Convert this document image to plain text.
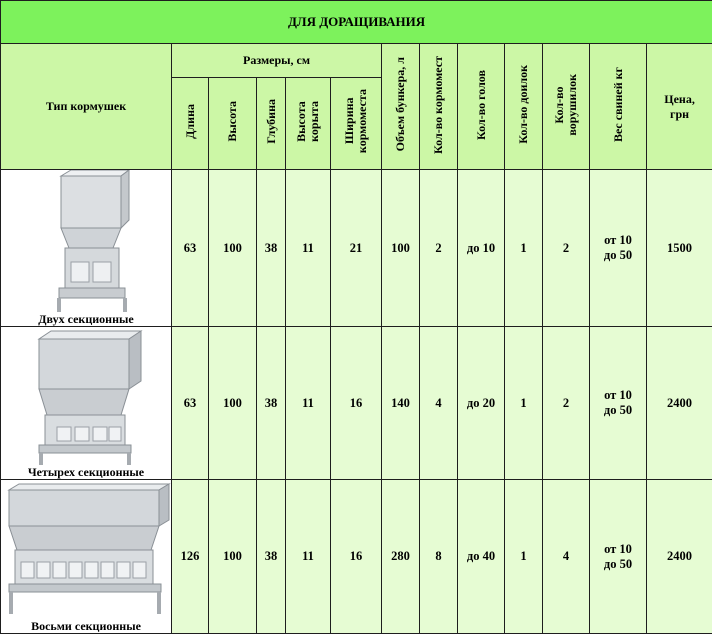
ДЛЯ ДОРАЩИВАНИЯ												
Тип кормушек	Размеры, см					Объем бункера, л	Кол-во кормомест	Кол-во голов	Кол-во доилок	Кол-во
ворушилок	Вес свиней кг	Цена,
грн
	Длина	Высота	Глубина	Высота
корыта	Ширина
кормоместа							

Двух секционные	63	100	38	11	21	100	2	до 10	1	2	от 10
до 50	1500

Четырех секционные	63	100	38	11	16	140	4	до 20	1	2	от 10
до 50	2400

Восьми секционные	126	100	38	11	16	280	8	до 40	1	4	от 10
до 50	2400
